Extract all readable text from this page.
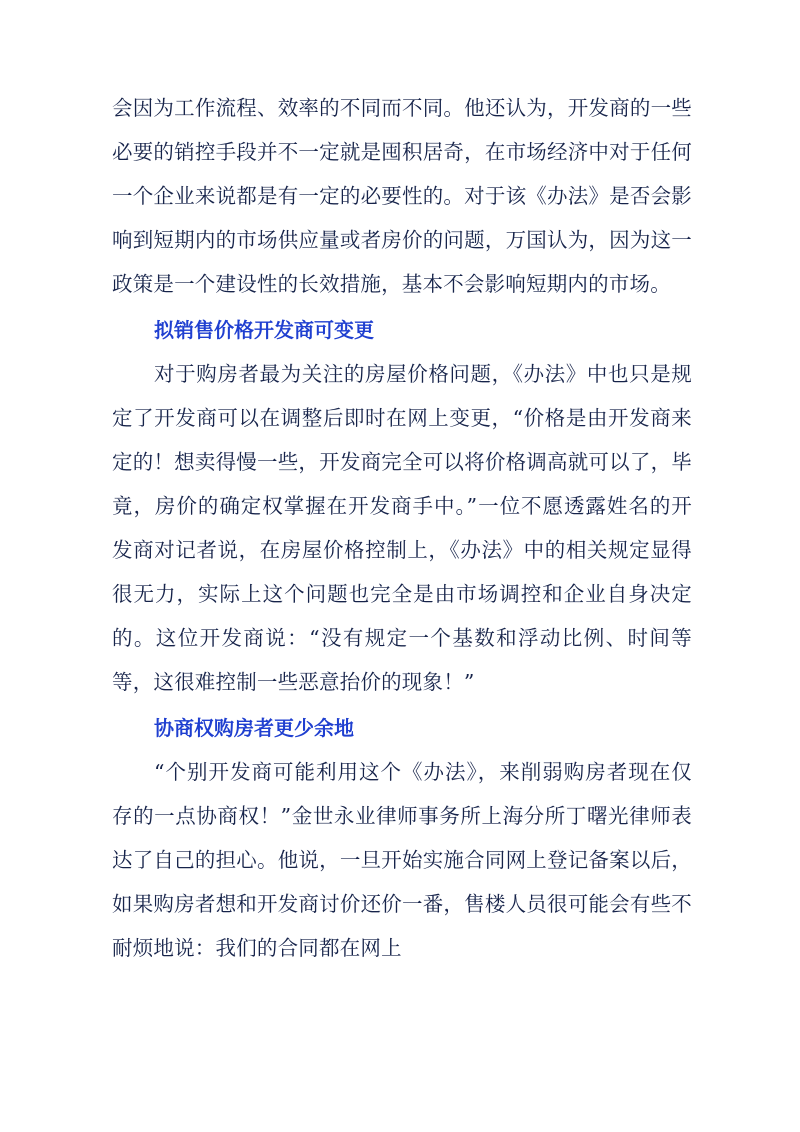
会因为工作流程、效率的不同而不同。他还认为，开发商的一些必要的销控手段并不一定就是囤积居奇，在市场经济中对于任何一个企业来说都是有一定的必要性的。对于该《办法》是否会影响到短期内的市场供应量或者房价的问题，万国认为，因为这一政策是一个建设性的长效措施，基本不会影响短期内的市场。

拟销售价格开发商可变更

对于购房者最为关注的房屋价格问题，《办法》中也只是规定了开发商可以在调整后即时在网上变更，“价格是由开发商来定的！想卖得慢一些，开发商完全可以将价格调高就可以了，毕竟，房价的确定权掌握在开发商手中。”一位不愿透露姓名的开发商对记者说，在房屋价格控制上，《办法》中的相关规定显得很无力，实际上这个问题也完全是由市场调控和企业自身决定的。这位开发商说：“没有规定一个基数和浮动比例、时间等等，这很难控制一些恶意抬价的现象！”

协商权购房者更少余地

“个别开发商可能利用这个《办法》，来削弱购房者现在仅存的一点协商权！”金世永业律师事务所上海分所丁曙光律师表达了自己的担心。他说，一旦开始实施合同网上登记备案以后，如果购房者想和开发商讨价还价一番，售楼人员很可能会有些不耐烦地说：我们的合同都在网上
